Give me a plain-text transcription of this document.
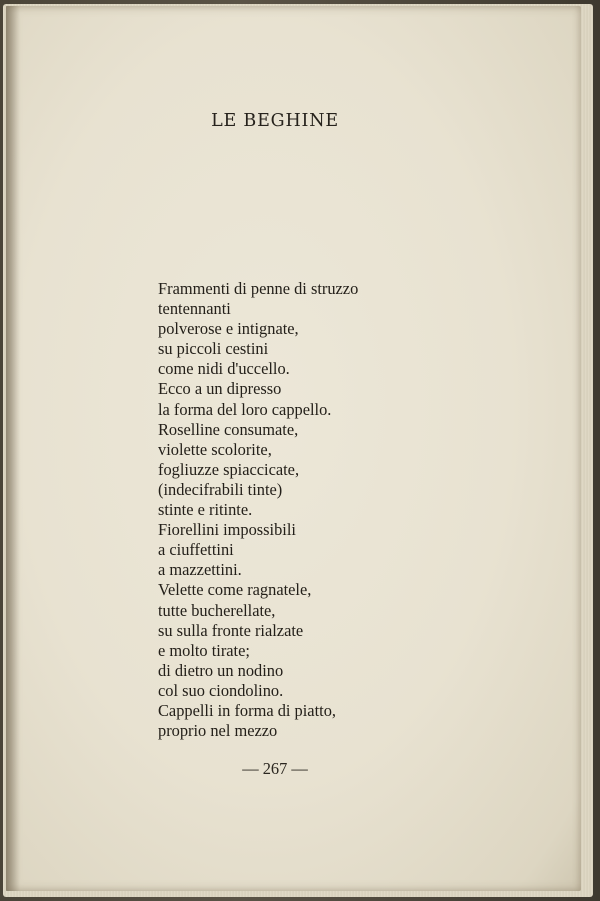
LE BEGHINE
Frammenti di penne di struzzo
tentennanti
polverose e intignate,
su piccoli cestini
come nidi d'uccello.
Ecco a un dipresso
la forma del loro cappello.
Roselline consumate,
violette scolorite,
fogliuzze spiaccicate,
(indecifrabili tinte)
stinte e ritinte.
Fiorellini impossibili
a ciuffettini
a mazzettini.
Velette come ragnatele,
tutte bucherellate,
su sulla fronte rialzate
e molto tirate;
di dietro un nodino
col suo ciondolino.
Cappelli in forma di piatto,
proprio nel mezzo
— 267 —
